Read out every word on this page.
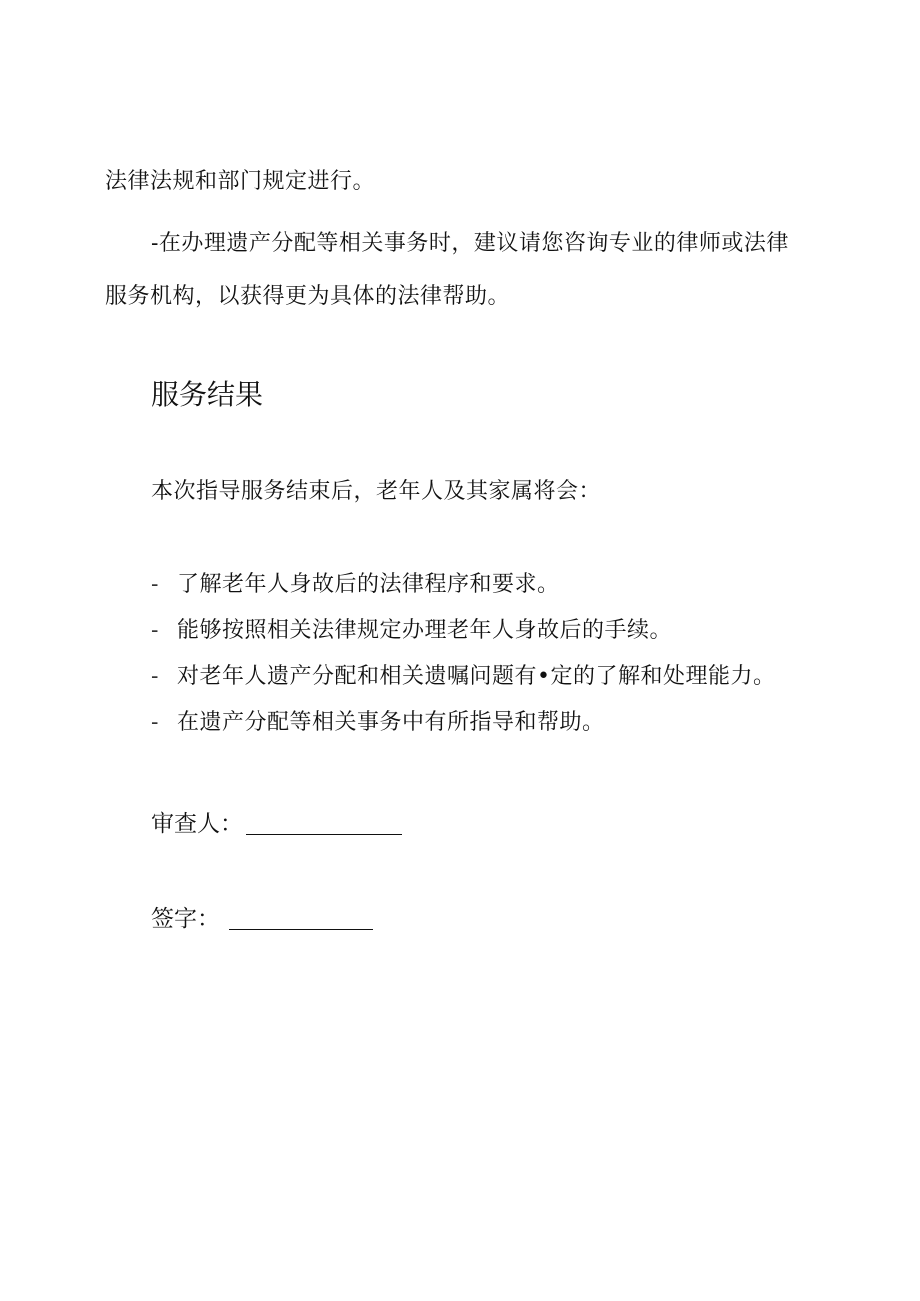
法律法规和部门规定进行。

-在办理遗产分配等相关事务时，建议请您咨询专业的律师或法律

服务机构，以获得更为具体的法律帮助。

服务结果

本次指导服务结束后，老年人及其家属将会：

- 了解老年人身故后的法律程序和要求。
- 能够按照相关法律规定办理老年人身故后的手续。
- 对老年人遗产分配和相关遗嘱问题有•定的了解和处理能力。
- 在遗产分配等相关事务中有所指导和帮助。
审查人：
签字：
